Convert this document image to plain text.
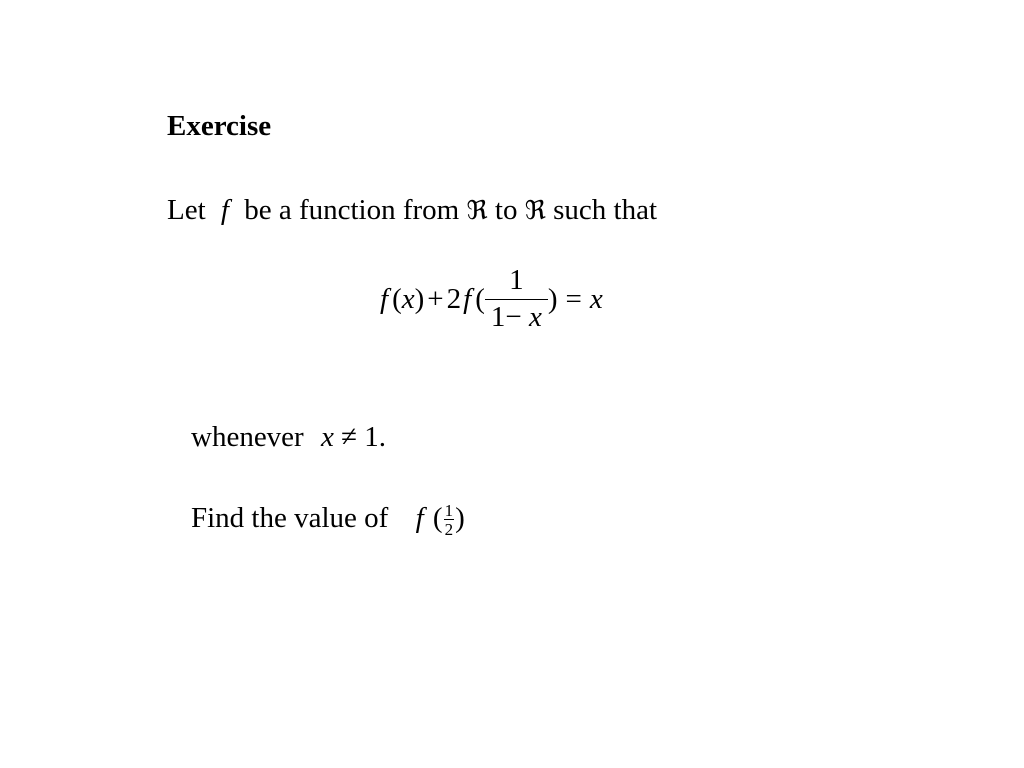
Exercise
Let f be a function from ℜ to ℜ such that
f (x) + 2 f ( $\frac{1}{1- x}$ ) = x
whenever x ≠ 1.
Find the value of f ( $\frac{1}{2}$ )
